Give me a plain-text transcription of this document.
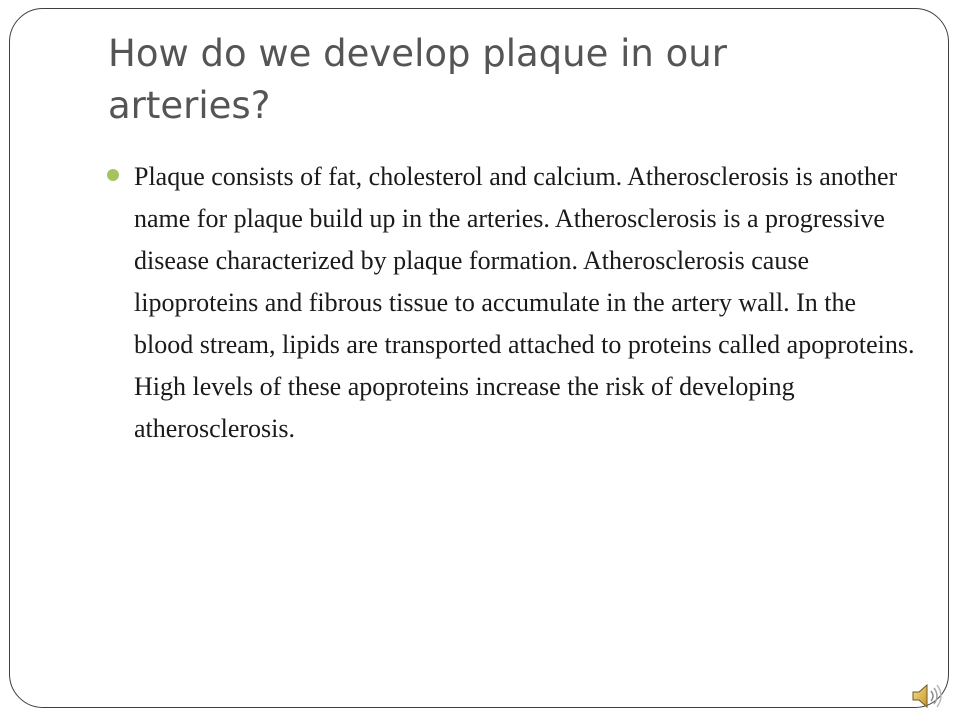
How do we develop plaque in our arteries?
Plaque consists of fat, cholesterol and calcium. Atherosclerosis is another name for plaque build up in the arteries. Atherosclerosis is a progressive disease characterized by plaque formation. Atherosclerosis cause lipoproteins and fibrous tissue to accumulate in the artery wall. In the blood stream, lipids are transported attached to proteins called apoproteins. High levels of these apoproteins increase the risk of developing atherosclerosis.
